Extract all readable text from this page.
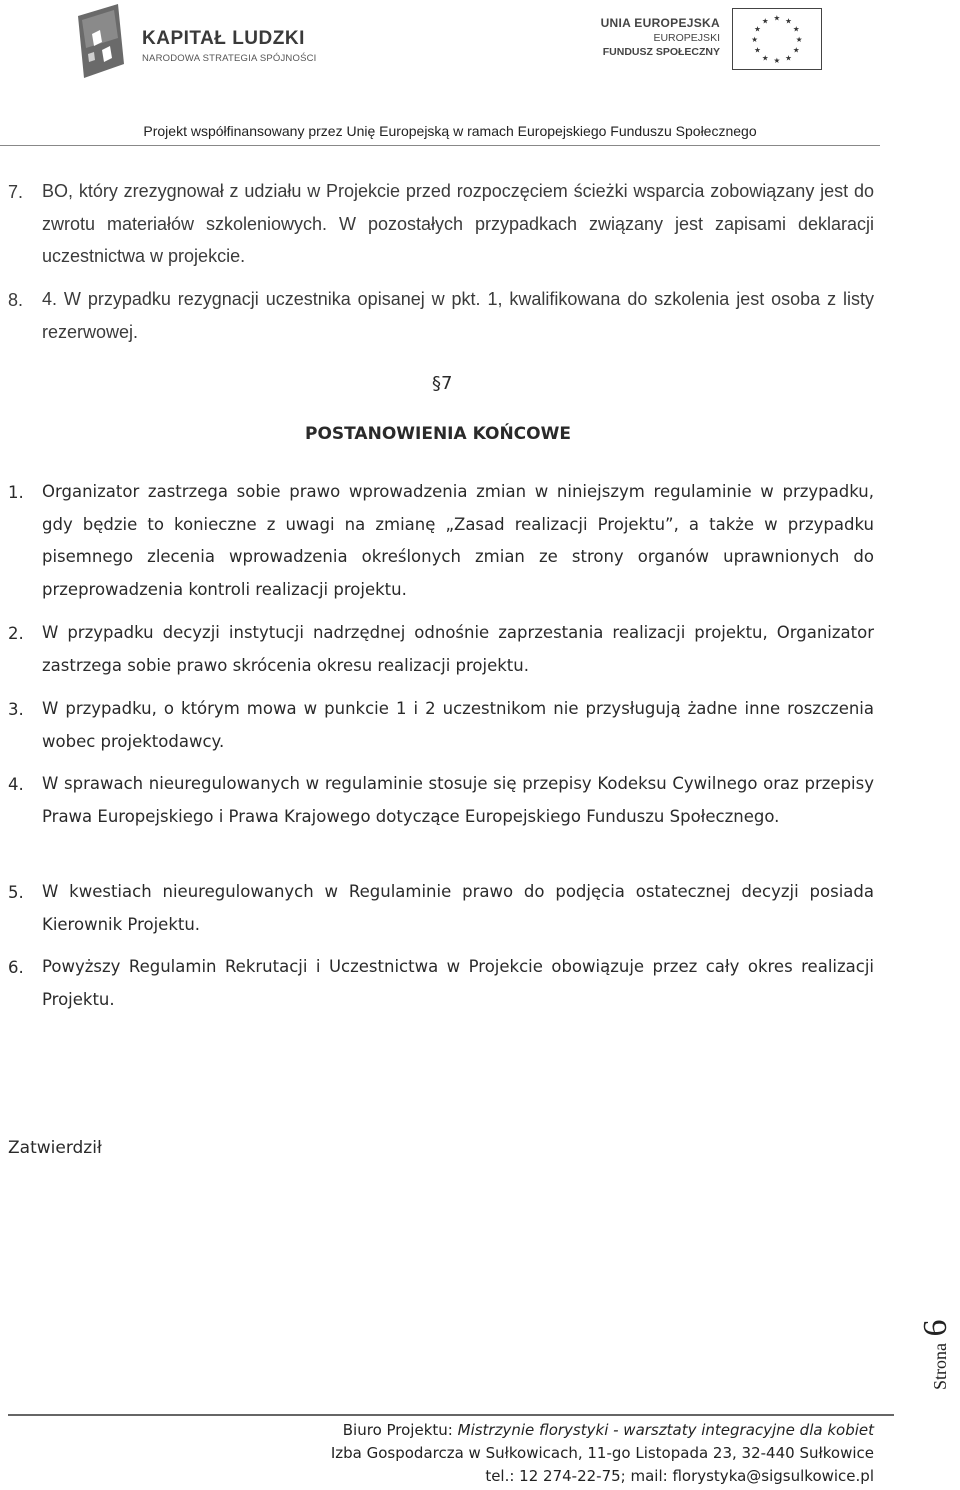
KAPITAŁ LUDZKI
NARODOWA STRATEGIA SPÓJNOŚCI
UNIA EUROPEJSKA
EUROPEJSKI
FUNDUSZ SPOŁECZNY
★ ★
★
★
★
★
★
★
★
★
★
★
Projekt współfinansowany przez Unię Europejską w ramach Europejskiego Funduszu Społecznego
7. BO, który zrezygnował z udziału w Projekcie przed rozpoczęciem ścieżki wsparcia zobowiązany jest do zwrotu materiałów szkoleniowych. W pozostałych przypadkach związany jest zapisami deklaracji uczestnictwa w projekcie.
8. 4. W przypadku rezygnacji uczestnika opisanej w pkt. 1, kwalifikowana do szkolenia jest osoba z listy rezerwowej.
§7
POSTANOWIENIA KOŃCOWE
1. Organizator zastrzega sobie prawo wprowadzenia zmian w niniejszym regulaminie w przypadku, gdy będzie to konieczne z uwagi na zmianę „Zasad realizacji Projektu”, a także w przypadku pisemnego zlecenia wprowadzenia określonych zmian ze strony organów uprawnionych do przeprowadzenia kontroli realizacji projektu.
2. W przypadku decyzji instytucji nadrzędnej odnośnie zaprzestania realizacji projektu, Organizator zastrzega sobie prawo skrócenia okresu realizacji projektu.
3. W przypadku, o którym mowa w punkcie 1 i 2 uczestnikom nie przysługują żadne inne roszczenia wobec projektodawcy.
4. W sprawach nieuregulowanych w regulaminie stosuje się przepisy Kodeksu Cywilnego oraz przepisy Prawa Europejskiego i Prawa Krajowego dotyczące Europejskiego Funduszu Społecznego.
5. W kwestiach nieuregulowanych w Regulaminie prawo do podjęcia ostatecznej decyzji posiada Kierownik Projektu.
6. Powyższy Regulamin Rekrutacji i Uczestnictwa w Projekcie obowiązuje przez cały okres realizacji Projektu.
Zatwierdził
Strona 6
Biuro Projektu: Mistrzynie florystyki - warsztaty integracyjne dla kobiet
Izba Gospodarcza w Sułkowicach, 11-go Listopada 23, 32-440 Sułkowice
tel.: 12 274-22-75; mail: florystyka@sigsulkowice.pl
